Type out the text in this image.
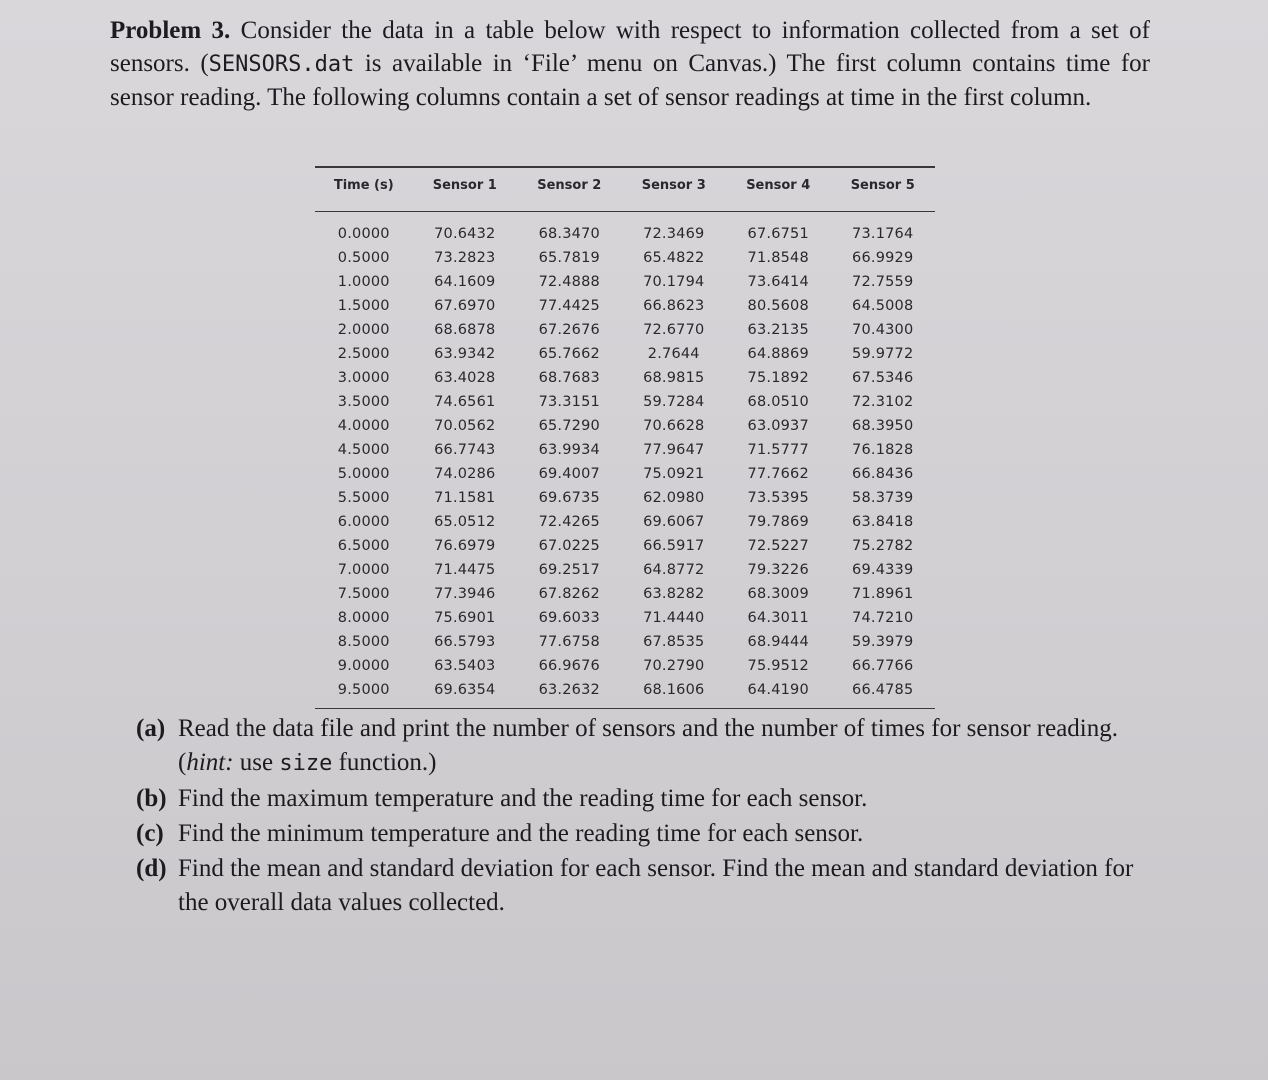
Problem 3. Consider the data in a table below with respect to information collected from a set of sensors. (SENSORS.dat is available in ‘File’ menu on Canvas.) The first column contains time for sensor reading. The following columns contain a set of sensor readings at time in the first column.
Time (s)	Sensor 1	Sensor 2	Sensor 3	Sensor 4	Sensor 5
0.0000	70.6432	68.3470	72.3469	67.6751	73.1764
0.5000	73.2823	65.7819	65.4822	71.8548	66.9929
1.0000	64.1609	72.4888	70.1794	73.6414	72.7559
1.5000	67.6970	77.4425	66.8623	80.5608	64.5008
2.0000	68.6878	67.2676	72.6770	63.2135	70.4300
2.5000	63.9342	65.7662	2.7644	64.8869	59.9772
3.0000	63.4028	68.7683	68.9815	75.1892	67.5346
3.5000	74.6561	73.3151	59.7284	68.0510	72.3102
4.0000	70.0562	65.7290	70.6628	63.0937	68.3950
4.5000	66.7743	63.9934	77.9647	71.5777	76.1828
5.0000	74.0286	69.4007	75.0921	77.7662	66.8436
5.5000	71.1581	69.6735	62.0980	73.5395	58.3739
6.0000	65.0512	72.4265	69.6067	79.7869	63.8418
6.5000	76.6979	67.0225	66.5917	72.5227	75.2782
7.0000	71.4475	69.2517	64.8772	79.3226	69.4339
7.5000	77.3946	67.8262	63.8282	68.3009	71.8961
8.0000	75.6901	69.6033	71.4440	64.3011	74.7210
8.5000	66.5793	77.6758	67.8535	68.9444	59.3979
9.0000	63.5403	66.9676	70.2790	75.9512	66.7766
9.5000	69.6354	63.2632	68.1606	64.4190	66.4785
(a) Read the data file and print the number of sensors and the number of times for sensor reading. (hint: use size function.)
(b) Find the maximum temperature and the reading time for each sensor.
(c) Find the minimum temperature and the reading time for each sensor.
(d) Find the mean and standard deviation for each sensor. Find the mean and standard deviation for the overall data values collected.
